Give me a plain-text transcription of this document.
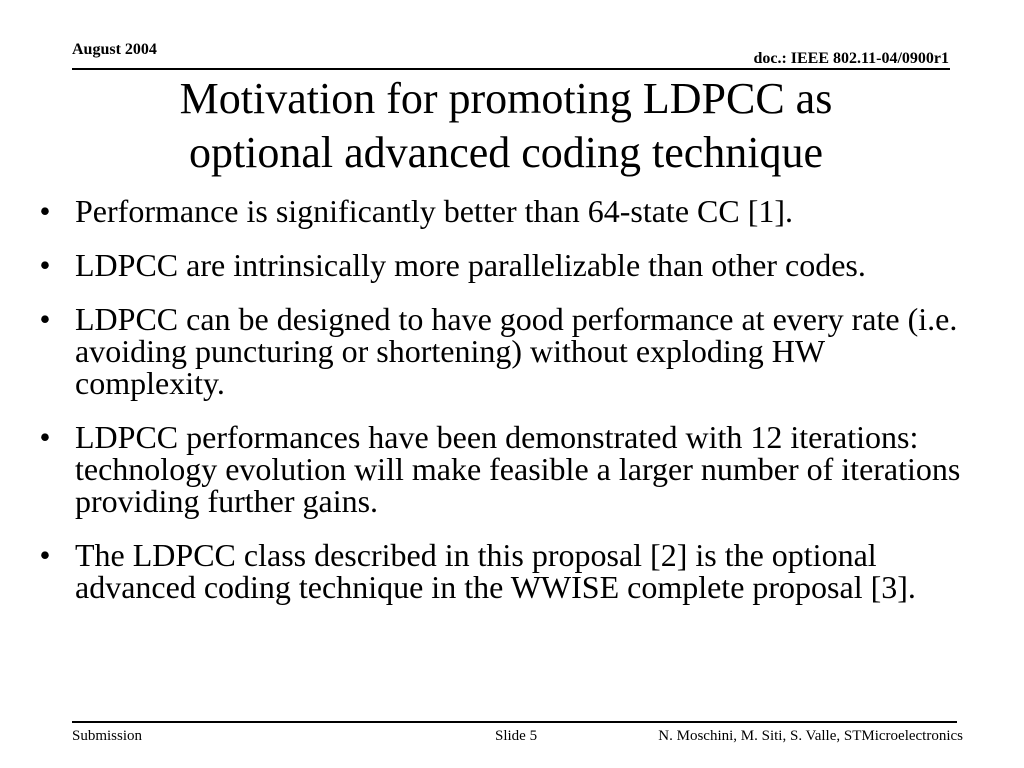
August 2004
doc.: IEEE 802.11-04/0900r1
Motivation for promoting LDPCC as
optional advanced coding technique
• Performance is significantly better than 64-state CC [1].
• LDPCC are intrinsically more parallelizable than other codes.
• LDPCC can be designed to have good performance at every rate (i.e. avoiding puncturing or shortening) without exploding HW complexity.
• LDPCC performances have been demonstrated with 12 iterations: technology evolution will make feasible a larger number of iterations providing further gains.
• The LDPCC class described in this proposal [2] is the optional advanced coding technique in the WWISE complete proposal [3].
Submission	Slide 5	N. Moschini, M. Siti, S. Valle, STMicroelectronics
